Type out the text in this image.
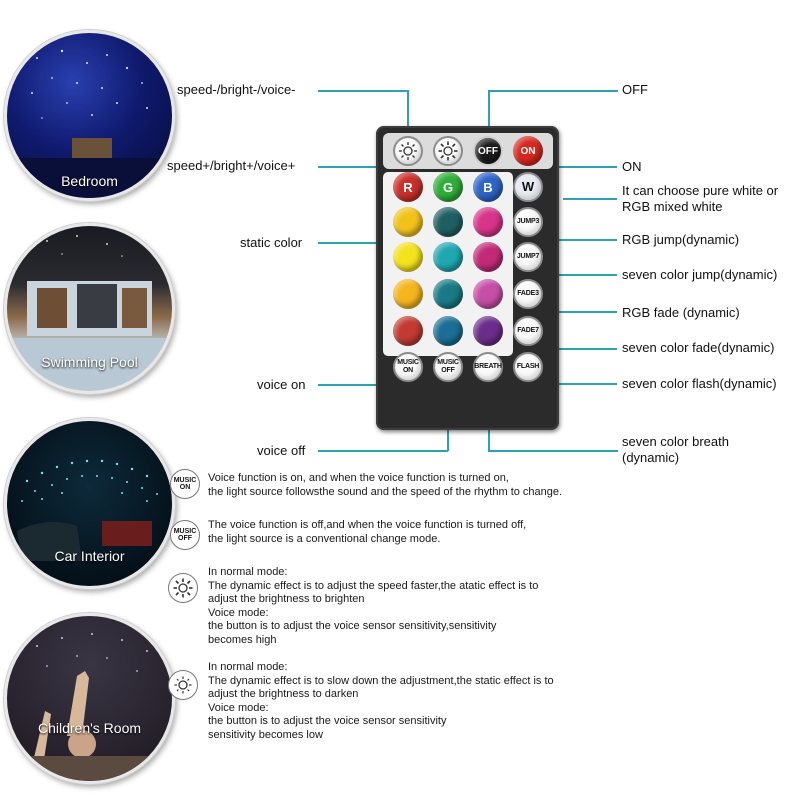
Bedroom
Swimming Pool
Car Interior
Children's Room
speed-/bright-/voice-
speed+/bright+/voice+
static color
voice on
voice off
OFF
ON
It can choose pure white or RGB mixed white
RGB jump(dynamic)
seven color jump(dynamic)
RGB fade (dynamic)
seven color fade(dynamic)
seven color flash(dynamic)
seven color breath (dynamic)
OFF	ON
R	G	B	W
JUMP3
JUMP7
FADE3
FADE7
MUSIC ON
MUSIC OFF
BREATH	FLASH
MUSIC ON

Voice function is on, and when the voice function is turned on,

the light source followsthe sound and the speed of the rhythm to change.

MUSIC OFF

The voice function is off,and when the voice function is turned off,

the light source is a conventional change mode.

In normal mode:

The dynamic effect is to adjust the speed faster,the atatic effect is to

adjust the brightness to brighten

Voice mode:

the button is to adjust the voice sensor sensitivity,sensitivity

becomes high

In normal mode:

The dynamic effect is to slow down the adjustment,the static effect is to

adjust the brightness to darken

Voice mode:

the button is to adjust the voice sensor sensitivity

sensitivity becomes low
